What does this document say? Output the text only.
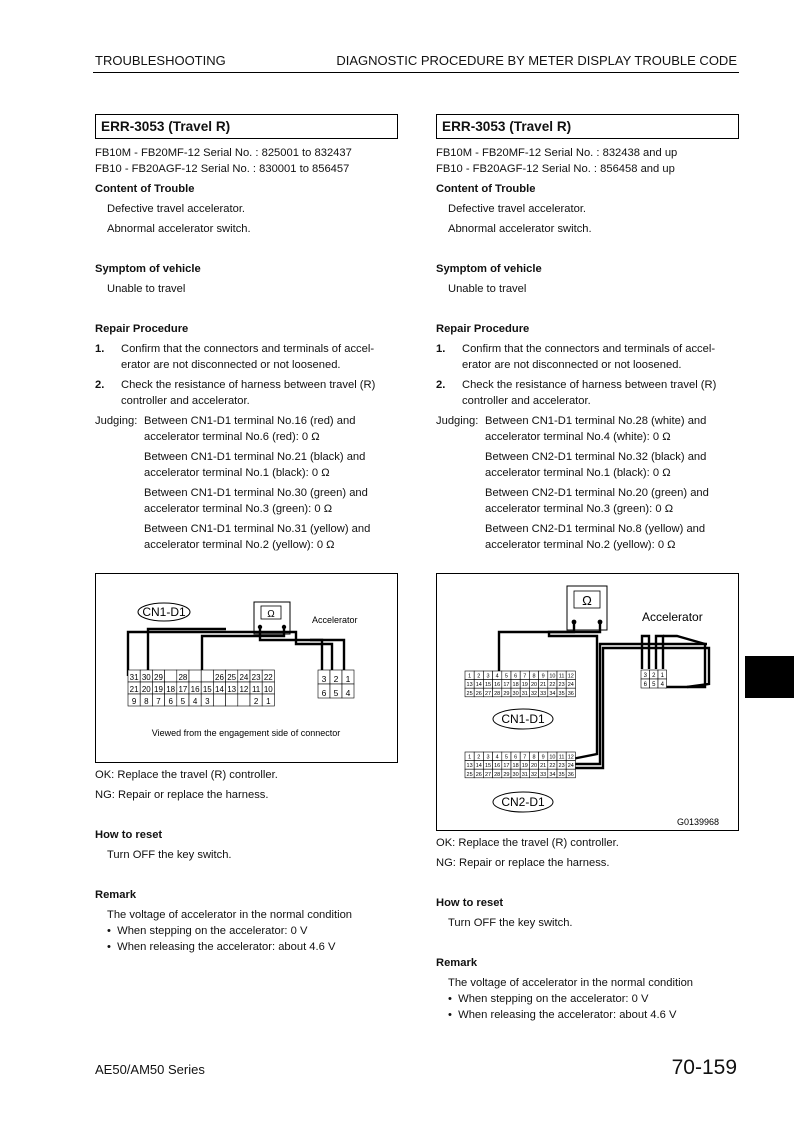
TROUBLESHOOTING	DIAGNOSTIC PROCEDURE BY METER DISPLAY TROUBLE CODE
ERR-3053 (Travel R)
FB10M - FB20MF-12 Serial No. : 825001 to 832437
FB10 - FB20AGF-12 Serial No. : 830001 to 856457
Content of Trouble
Defective travel accelerator.
Abnormal accelerator switch.
Symptom of vehicle
Unable to travel
Repair Procedure
1.	Confirm that the connectors and terminals of accel-
erator are not disconnected or not loosened.
2.	Check the resistance of harness between travel (R)
controller and accelerator.
Judging: Between CN1-D1 terminal No.16 (red) and
accelerator terminal No.6 (red): 0 Ω
Between CN1-D1 terminal No.21 (black) and
accelerator terminal No.1 (black): 0 Ω
Between CN1-D1 terminal No.30 (green) and
accelerator terminal No.3 (green): 0 Ω
Between CN1-D1 terminal No.31 (yellow) and
accelerator terminal No.2 (yellow): 0 Ω
CN1-D1	Ω	Accelerator
31 30 29 28	26 25 24 23 22
21 20 19 18 17 16 15 14 13 12 11 10
9 8 7 6 5 4 3	2 1
3 2 1
6 5 4
Viewed from the engagement side of connector
OK: Replace the travel (R) controller.
NG: Repair or replace the harness.
How to reset
Turn OFF the key switch.
Remark
The voltage of accelerator in the normal condition
• When stepping on the accelerator: 0 V
• When releasing the accelerator: about 4.6 V
ERR-3053 (Travel R)
FB10M - FB20MF-12 Serial No. : 832438 and up
FB10 - FB20AGF-12 Serial No. : 856458 and up
Content of Trouble
Defective travel accelerator.
Abnormal accelerator switch.
Symptom of vehicle
Unable to travel
Repair Procedure
1.	Confirm that the connectors and terminals of accel-
erator are not disconnected or not loosened.
2.	Check the resistance of harness between travel (R)
controller and accelerator.
Judging: Between CN1-D1 terminal No.28 (white) and
accelerator terminal No.4 (white): 0 Ω
Between CN2-D1 terminal No.32 (black) and
accelerator terminal No.1 (black): 0 Ω
Between CN2-D1 terminal No.20 (green) and
accelerator terminal No.3 (green): 0 Ω
Between CN2-D1 terminal No.8 (yellow) and
accelerator terminal No.2 (yellow): 0 Ω
Ω
Accelerator
1 2 3 4 5 6 7 8 9 10 11 12
13 14 15 16 17 18 19 20 21 22 23 24
25 26 27 28 29 30 31 32 33 34 35 36
CN1-D1
1 2 3 4 5 6 7 8 9 10 11 12
13 14 15 16 17 18 19 20 21 22 23 24
25 26 27 28 29 30 31 32 33 34 35 36
CN2-D1
3 2 1
6 5 4
G0139968
OK: Replace the travel (R) controller.
NG: Repair or replace the harness.
How to reset
Turn OFF the key switch.
Remark
The voltage of accelerator in the normal condition
• When stepping on the accelerator: 0 V
• When releasing the accelerator: about 4.6 V
AE50/AM50 Series	70-159
